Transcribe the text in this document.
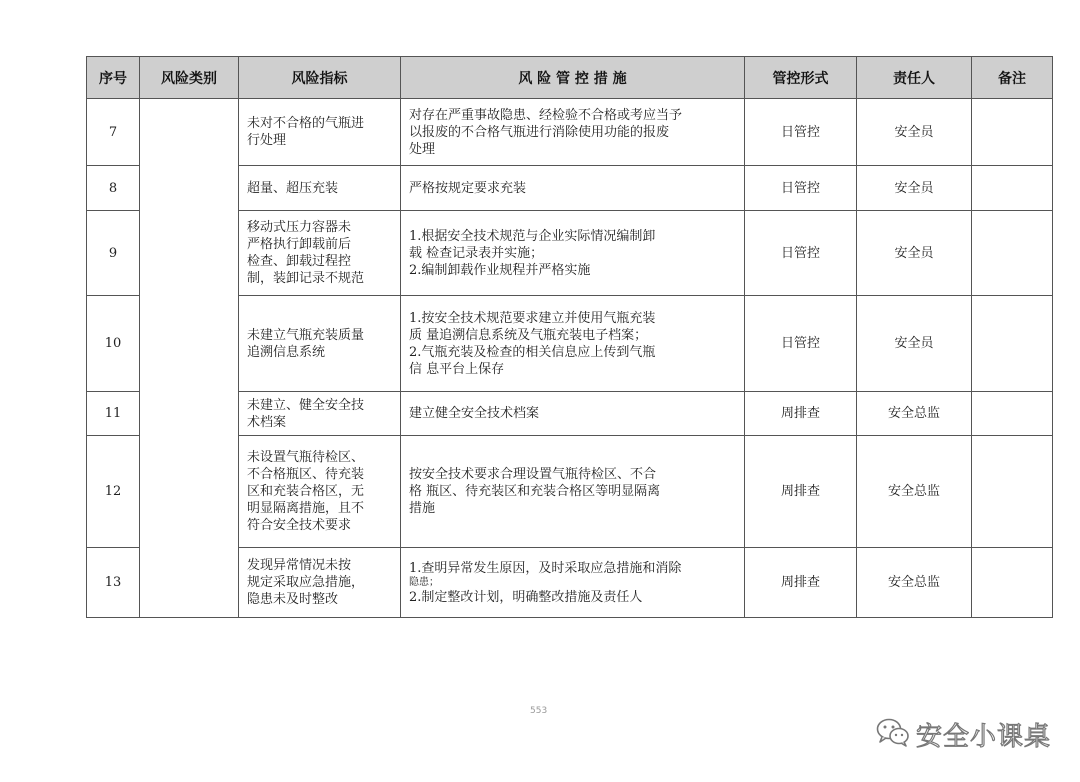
序号	风险类别	风险指标	风 险 管 控 措 施	管控形式	责任人	备注
7		未对不合格的气瓶进
行处理	对存在严重事故隐患、经检验不合格或考应当予
以报废的不合格气瓶进行消除使用功能的报废
处理	日管控	安全员	
8		超量、超压充装	严格按规定要求充装	日管控	安全员	
9		移动式压力容器未
严格执行卸载前后
检查、卸载过程控
制，装卸记录不规范	1.根据安全技术规范与企业实际情况编制卸
载 检查记录表并实施；
2.编制卸载作业规程并严格实施	日管控	安全员	
10		未建立气瓶充装质量
追溯信息系统	1.按安全技术规范要求建立并使用气瓶充装
质 量追溯信息系统及气瓶充装电子档案；
2.气瓶充装及检查的相关信息应上传到气瓶
信 息平台上保存	日管控	安全员	
11		未建立、健全安全技
术档案	建立健全安全技术档案	周排查	安全总监	
12		未设置气瓶待检区、
不合格瓶区、待充装
区和充装合格区，无
明显隔离措施，且不
符合安全技术要求	按安全技术要求合理设置气瓶待检区、不合
格 瓶区、待充装区和充装合格区等明显隔离
措施	周排查	安全总监	
13		发现异常情况未按
规定采取应急措施，
隐患未及时整改	1.查明异常发生原因，及时采取应急措施和消除
隐患；
2.制定整改计划，明确整改措施及责任人	周排查	安全总监	
553
安全小课桌
